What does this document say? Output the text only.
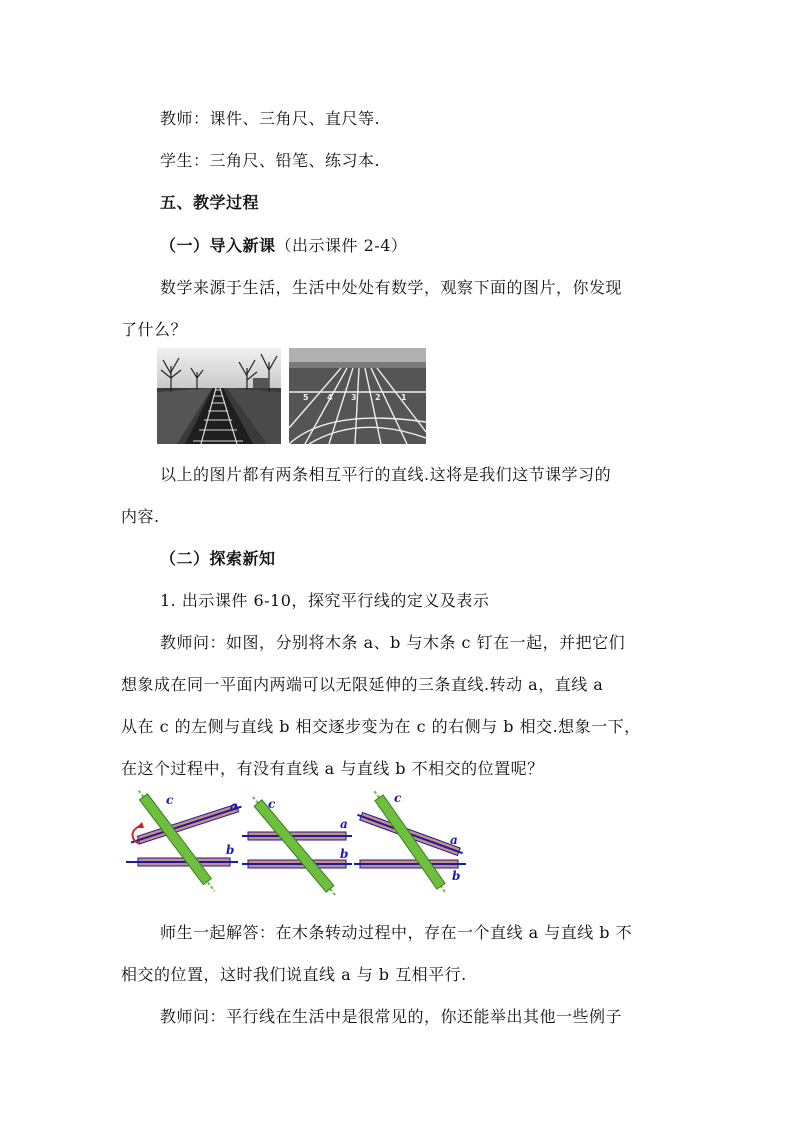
教师：课件、三角尺、直尺等.
学生：三角尺、铅笔、练习本.
五、教学过程
（一）导入新课（出示课件 2-4）
数学来源于生活，生活中处处有数学，观察下面的图片，你发现
了什么？
5 4 3 2	1
以上的图片都有两条相互平行的直线.这将是我们这节课学习的
内容.
（二）探索新知
1. 出示课件 6-10，探究平行线的定义及表示
教师问：如图，分别将木条 a、b 与木条 c 钉在一起，并把它们
想象成在同一平面内两端可以无限延伸的三条直线.转动 a，直线 a
从在 c 的左侧与直线 b 相交逐步变为在 c 的右侧与 b 相交.想象一下，
在这个过程中，有没有直线 a 与直线 b 不相交的位置呢？
c	a
b
c
a
b
c
a
b
师生一起解答：在木条转动过程中，存在一个直线 a 与直线 b 不
相交的位置，这时我们说直线 a 与 b 互相平行.
教师问：平行线在生活中是很常见的，你还能举出其他一些例子
